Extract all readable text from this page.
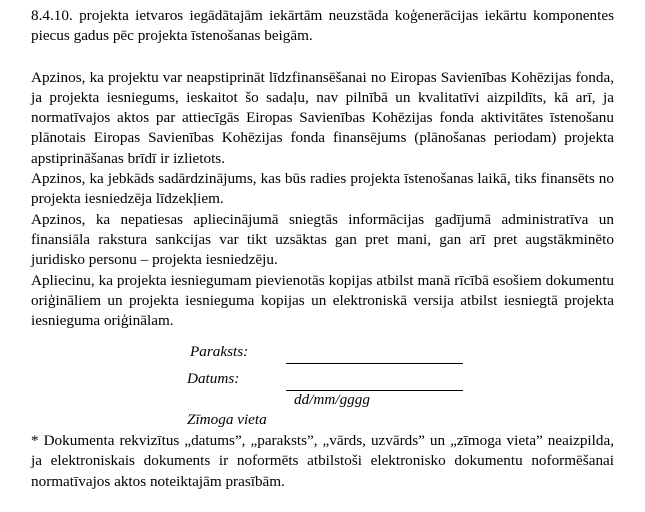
8.4.10. projekta ietvaros iegādātajām iekārtām neuzstāda koģenerācijas iekārtu komponentes piecus gadus pēc projekta īstenošanas beigām.

Apzinos, ka projektu var neapstiprināt līdzfinansēšanai no Eiropas Savienības Kohēzijas fonda, ja projekta iesniegums, ieskaitot šo sadaļu, nav pilnībā un kvalitatīvi aizpildīts, kā arī, ja normatīvajos aktos par attiecīgās Eiropas Savienības Kohēzijas fonda aktivitātes īstenošanu plānotais Eiropas Savienības Kohēzijas fonda finansējums (plānošanas periodam) projekta apstiprināšanas brīdī ir izlietots.

Apzinos, ka jebkāds sadārdzinājums, kas būs radies projekta īstenošanas laikā, tiks finansēts no projekta iesniedzēja līdzekļiem.

Apzinos, ka nepatiesas apliecinājumā sniegtās informācijas gadījumā administratīva un finansiāla rakstura sankcijas var tikt uzsāktas gan pret mani, gan arī pret augstākminēto juridisko personu – projekta iesniedzēju.

Apliecinu, ka projekta iesniegumam pievienotās kopijas atbilst manā rīcībā esošiem dokumentu oriģināliem un projekta iesnieguma kopijas un elektroniskā versija atbilst iesniegtā projekta iesnieguma oriģinālam.

Paraksts:
Datums:
dd/mm/gggg
Zīmoga vieta

* Dokumenta rekvizītus „datums”, „paraksts”, „vārds, uzvārds” un „zīmoga vieta” neaizpilda, ja elektroniskais dokuments ir noformēts atbilstoši elektronisko dokumentu noformēšanai normatīvajos aktos noteiktajām prasībām.
